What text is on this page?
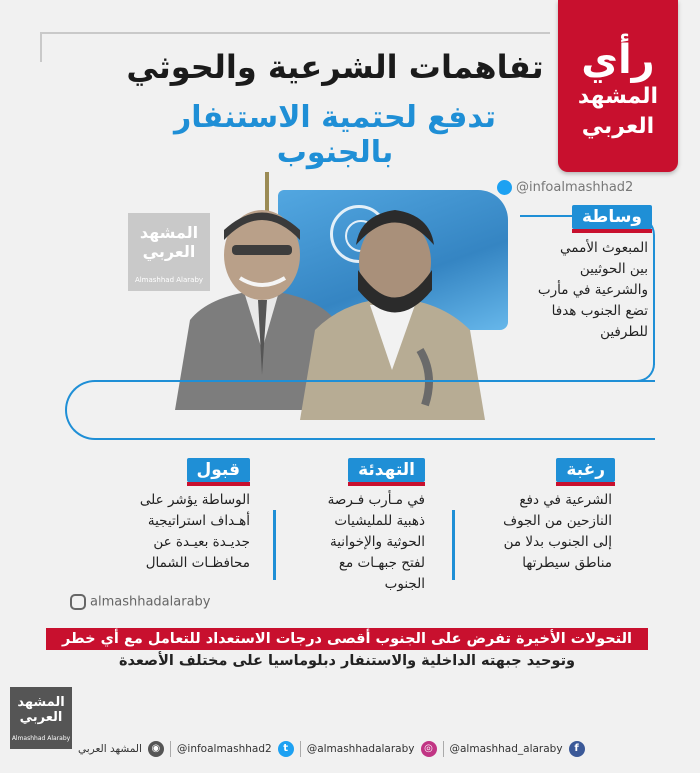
رأي
المشهد
العربي
تفاهمات الشرعية والحوثي
تدفع لحتمية الاستنفار بالجنوب
@infoalmashhad2
المشهد
العربي
Almashhad Alaraby
وساطة
المبعوث الأممي
بين الحوثيين
والشرعية في مأرب
تضع الجنوب هدفا
للطرفين
رغبة
الشرعية في دفع
النازحين من الجوف
إلى الجنوب بدلا من
مناطق سيطرتها
التهدئة
في مـأرب فـرصة
ذهبية للمليشيات
الحوثية والإخوانية
لفتح جبهـات مع
الجنوب
قبول
الوساطة يؤشر على
أهـداف استراتيجية
جديـدة بعيـدة عن
محافظـات الشمال
almashhadalaraby
التحولات الأخيرة تفرض على الجنوب أقصى درجات الاستعداد للتعامل مع أي خطر
وتوحيد جبهته الداخلية والاستنفار دبلوماسيا على مختلف الأصعدة
المشهد
العربي
Almashhad Alaraby
المشهد العربي ◉	@infoalmashhad2	t	@almashhadalaraby ◎	@almashhad_alaraby	f
